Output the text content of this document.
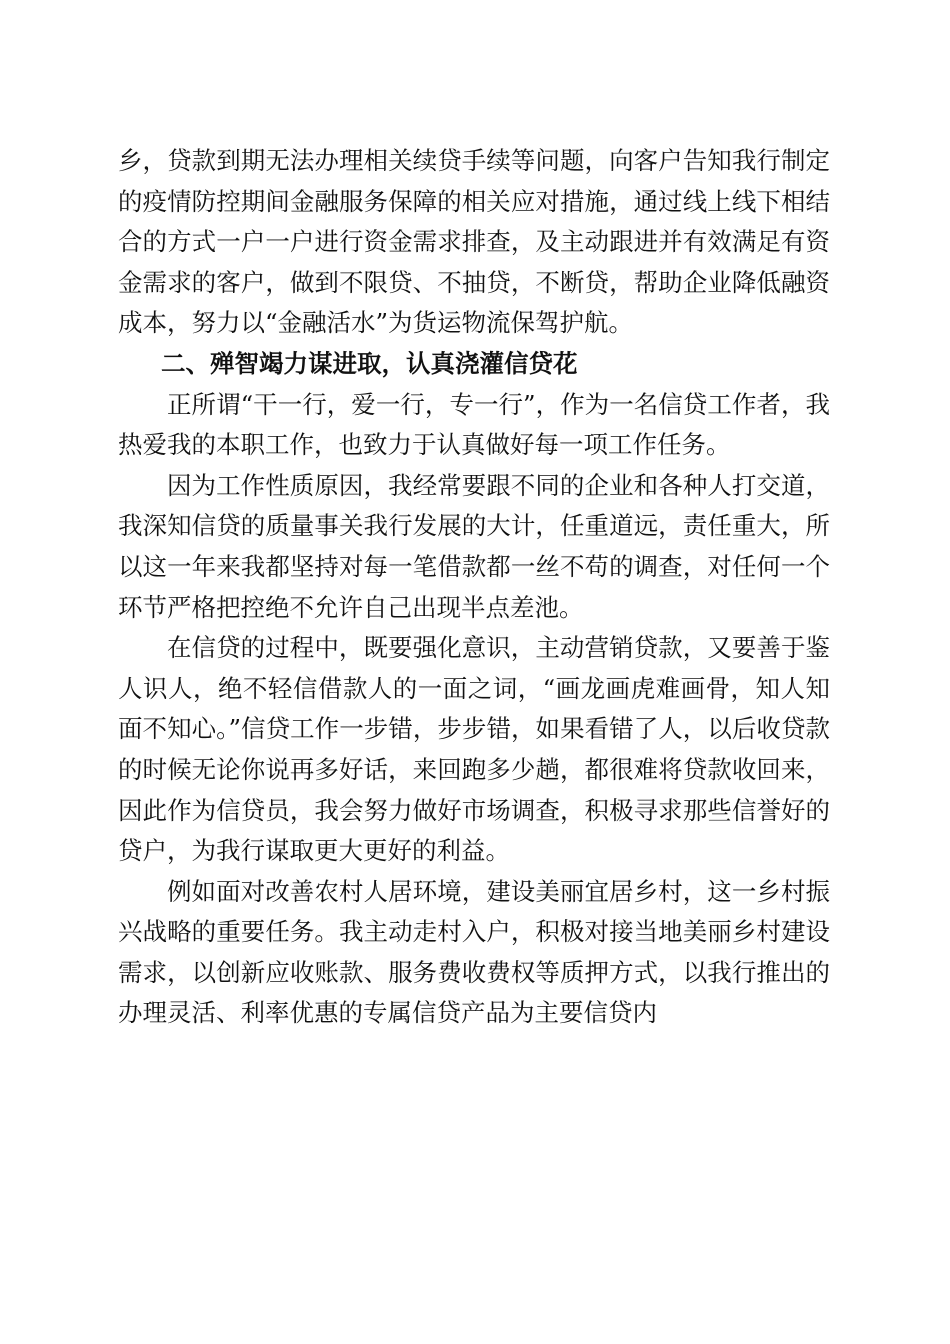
乡，贷款到期无法办理相关续贷手续等问题，向客户告知我行制定的疫情防控期间金融服务保障的相关应对措施，通过线上线下相结合的方式一户一户进行资金需求排查，及主动跟进并有效满足有资金需求的客户，做到不限贷、不抽贷，不断贷，帮助企业降低融资成本，努力以“金融活水”为货运物流保驾护航。

二、殚智竭力谋进取，认真浇灌信贷花

正所谓“干一行，爱一行，专一行”，作为一名信贷工作者，我热爱我的本职工作，也致力于认真做好每一项工作任务。

因为工作性质原因，我经常要跟不同的企业和各种人打交道，我深知信贷的质量事关我行发展的大计，任重道远，责任重大，所以这一年来我都坚持对每一笔借款都一丝不苟的调查，对任何一个环节严格把控绝不允许自己出现半点差池。

在信贷的过程中，既要强化意识，主动营销贷款，又要善于鉴人识人，绝不轻信借款人的一面之词，“画龙画虎难画骨，知人知面不知心。”信贷工作一步错，步步错，如果看错了人，以后收贷款的时候无论你说再多好话，来回跑多少趟，都很难将贷款收回来，因此作为信贷员，我会努力做好市场调查，积极寻求那些信誉好的贷户，为我行谋取更大更好的利益。

例如面对改善农村人居环境，建设美丽宜居乡村，这一乡村振兴战略的重要任务。我主动走村入户，积极对接当地美丽乡村建设需求，以创新应收账款、服务费收费权等质押方式，以我行推出的办理灵活、利率优惠的专属信贷产品为主要信贷内
